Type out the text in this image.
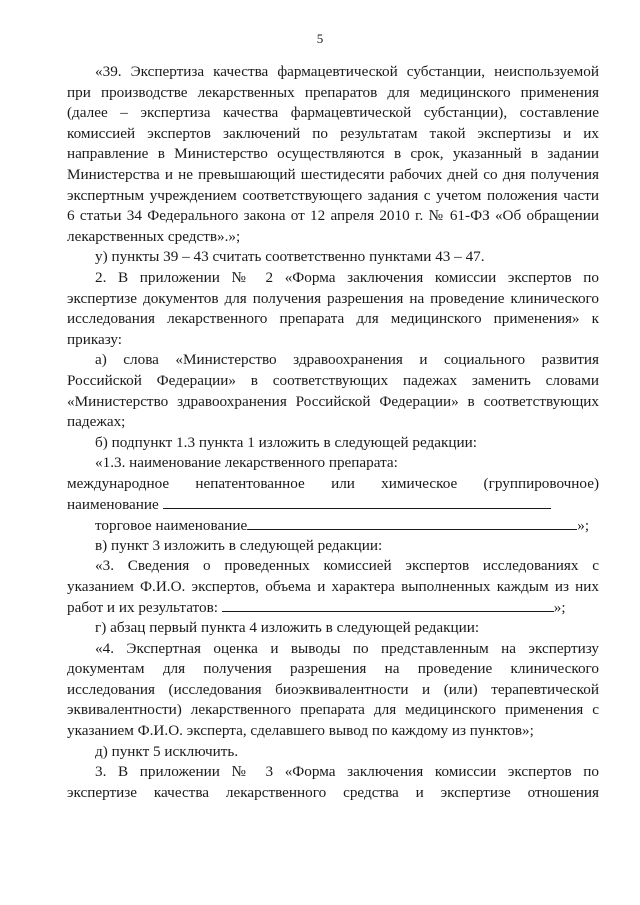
5
«39. Экспертиза качества фармацевтической субстанции, неиспользуемой
при производстве лекарственных препаратов для медицинского применения
(далее – экспертиза качества фармацевтической субстанции), составление
комиссией экспертов заключений по результатам такой экспертизы и их
направление в Министерство осуществляются в срок, указанный в задании
Министерства и не превышающий шестидесяти рабочих дней со дня получения
экспертным учреждением соответствующего задания с учетом положения части
6 статьи 34 Федерального закона от 12 апреля 2010 г. № 61-ФЗ «Об обращении
лекарственных средств».»;
у) пункты 39 – 43 считать соответственно пунктами 43 – 47.
2. В приложении № 2 «Форма заключения комиссии экспертов по
экспертизе документов для получения разрешения на проведение клинического
исследования лекарственного препарата для медицинского применения» к
приказу:
а) слова «Министерство здравоохранения и социального развития
Российской Федерации» в соответствующих падежах заменить словами
«Министерство здравоохранения Российской Федерации» в соответствующих
падежах;
б) подпункт 1.3 пункта 1 изложить в следующей редакции:
«1.3. наименование лекарственного препарата:
международное непатентованное или химическое (группировочное)
наименование
торговое наименование	»;
в) пункт 3 изложить в следующей редакции:
«3. Сведения о проведенных комиссией экспертов исследованиях с
указанием Ф.И.О. экспертов, объема и характера выполненных каждым из них
работ и их результатов:	»;
г) абзац первый пункта 4 изложить в следующей редакции:
«4. Экспертная оценка и выводы по представленным на экспертизу
документам для получения разрешения на проведение клинического
исследования (исследования биоэквивалентности и (или) терапевтической
эквивалентности) лекарственного препарата для медицинского применения с
указанием Ф.И.О. эксперта, сделавшего вывод по каждому из пунктов»;
д) пункт 5 исключить.
3. В приложении № 3 «Форма заключения комиссии экспертов по
экспертизе качества лекарственного средства и экспертизе отношения
